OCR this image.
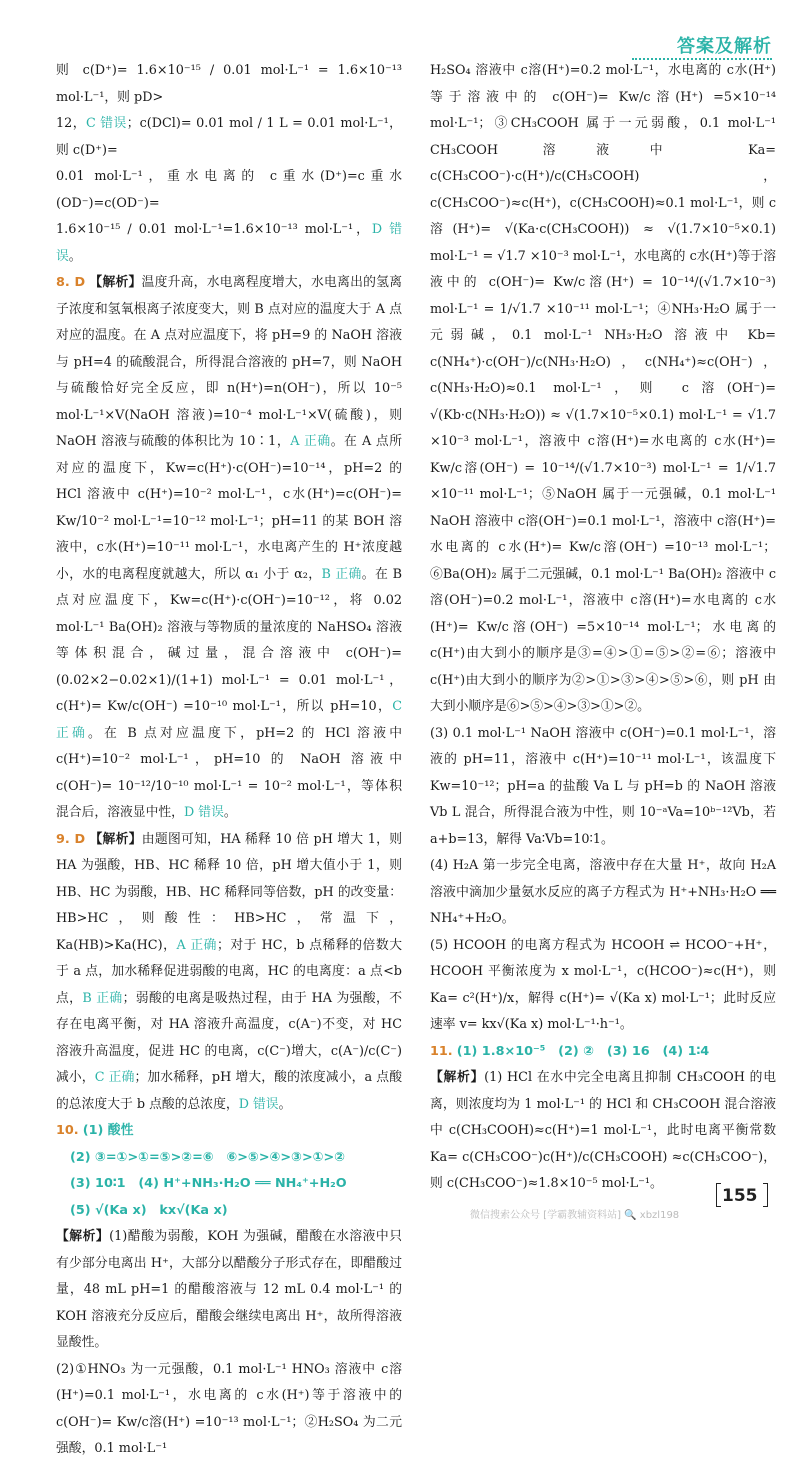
答案及解析

则 c(D⁺)= 1.6×10⁻¹⁵ / 0.01 mol·L⁻¹ = 1.6×10⁻¹³ mol·L⁻¹，则 pD>

12，C 错误；c(DCl)= 0.01 mol / 1 L = 0.01 mol·L⁻¹，则 c(D⁺)=

0.01 mol·L⁻¹，重水电离的 c重水(D⁺)=c重水(OD⁻)=c(OD⁻)=

1.6×10⁻¹⁵ / 0.01 mol·L⁻¹=1.6×10⁻¹³ mol·L⁻¹，D 错误。

8. D 【解析】温度升高，水电离程度增大，水电离出的氢离子浓度和氢氧根离子浓度变大，则 B 点对应的温度大于 A 点对应的温度。在 A 点对应温度下，将 pH=9 的 NaOH 溶液与 pH=4 的硫酸混合，所得混合溶液的 pH=7，则 NaOH 与硫酸恰好完全反应，即 n(H⁺)=n(OH⁻)，所以 10⁻⁵ mol·L⁻¹×V(NaOH 溶液)=10⁻⁴ mol·L⁻¹×V(硫酸)，则 NaOH 溶液与硫酸的体积比为 10∶1，A 正确。在 A 点所对应的温度下，Kw=c(H⁺)·c(OH⁻)=10⁻¹⁴，pH=2 的 HCl 溶液中 c(H⁺)=10⁻² mol·L⁻¹，c水(H⁺)=c(OH⁻)= Kw/10⁻² mol·L⁻¹=10⁻¹² mol·L⁻¹；pH=11 的某 BOH 溶液中，c水(H⁺)=10⁻¹¹ mol·L⁻¹，水电离产生的 H⁺浓度越小，水的电离程度就越大，所以 α₁ 小于 α₂，B 正确。在 B 点对应温度下，Kw=c(H⁺)·c(OH⁻)=10⁻¹²，将 0.02 mol·L⁻¹ Ba(OH)₂ 溶液与等物质的量浓度的 NaHSO₄ 溶液等体积混合，碱过量，混合溶液中 c(OH⁻)= (0.02×2−0.02×1)/(1+1) mol·L⁻¹ = 0.01 mol·L⁻¹，c(H⁺)= Kw/c(OH⁻) =10⁻¹⁰ mol·L⁻¹，所以 pH=10，C 正确。在 B 点对应温度下，pH=2 的 HCl 溶液中 c(H⁺)=10⁻² mol·L⁻¹，pH=10 的 NaOH 溶液中 c(OH⁻)= 10⁻¹²/10⁻¹⁰ mol·L⁻¹ = 10⁻² mol·L⁻¹，等体积混合后，溶液显中性，D 错误。

9. D 【解析】由题图可知，HA 稀释 10 倍 pH 增大 1，则 HA 为强酸，HB、HC 稀释 10 倍，pH 增大值小于 1，则 HB、HC 为弱酸，HB、HC 稀释同等倍数，pH 的改变量：HB>HC，则酸性：HB>HC，常温下，Ka(HB)>Ka(HC)，A 正确；对于 HC，b 点稀释的倍数大于 a 点，加水稀释促进弱酸的电离，HC 的电离度：a 点<b 点，B 正确；弱酸的电离是吸热过程，由于 HA 为强酸，不存在电离平衡，对 HA 溶液升高温度，c(A⁻)不变，对 HC 溶液升高温度，促进 HC 的电离，c(C⁻)增大，c(A⁻)/c(C⁻) 减小，C 正确；加水稀释，pH 增大，酸的浓度减小，a 点酸的总浓度大于 b 点酸的总浓度，D 错误。

10. (1) 酸性

(2) ③=①>①=⑤>②=⑥　⑥>⑤>④>③>①>②

(3) 10∶1　(4) H⁺+NH₃·H₂O ══ NH₄⁺+H₂O

(5) √(Ka x)　kx√(Ka x)

【解析】(1)醋酸为弱酸，KOH 为强碱，醋酸在水溶液中只有少部分电离出 H⁺，大部分以醋酸分子形式存在，即醋酸过量，48 mL pH=1 的醋酸溶液与 12 mL 0.4 mol·L⁻¹ 的 KOH 溶液充分反应后，醋酸会继续电离出 H⁺，故所得溶液显酸性。

(2)①HNO₃ 为一元强酸，0.1 mol·L⁻¹ HNO₃ 溶液中 c溶(H⁺)=0.1 mol·L⁻¹，水电离的 c水(H⁺)等于溶液中的 c(OH⁻)= Kw/c溶(H⁺) =10⁻¹³ mol·L⁻¹；②H₂SO₄ 为二元强酸，0.1 mol·L⁻¹

H₂SO₄ 溶液中 c溶(H⁺)=0.2 mol·L⁻¹，水电离的 c水(H⁺)等于溶液中的 c(OH⁻)= Kw/c溶(H⁺) =5×10⁻¹⁴ mol·L⁻¹；③CH₃COOH 属于一元弱酸，0.1 mol·L⁻¹ CH₃COOH 溶液中 Ka= c(CH₃COO⁻)·c(H⁺)/c(CH₃COOH)，c(CH₃COO⁻)≈c(H⁺)，c(CH₃COOH)≈0.1 mol·L⁻¹，则 c溶(H⁺)= √(Ka·c(CH₃COOH)) ≈ √(1.7×10⁻⁵×0.1) mol·L⁻¹ = √1.7 ×10⁻³ mol·L⁻¹，水电离的 c水(H⁺)等于溶液中的 c(OH⁻)= Kw/c溶(H⁺) = 10⁻¹⁴/(√1.7×10⁻³) mol·L⁻¹ = 1/√1.7 ×10⁻¹¹ mol·L⁻¹；④NH₃·H₂O 属于一元弱碱，0.1 mol·L⁻¹ NH₃·H₂O 溶液中 Kb= c(NH₄⁺)·c(OH⁻)/c(NH₃·H₂O)，c(NH₄⁺)≈c(OH⁻)，c(NH₃·H₂O)≈0.1 mol·L⁻¹，则 c溶(OH⁻)= √(Kb·c(NH₃·H₂O)) ≈ √(1.7×10⁻⁵×0.1) mol·L⁻¹ = √1.7 ×10⁻³ mol·L⁻¹，溶液中 c溶(H⁺)=水电离的 c水(H⁺)= Kw/c溶(OH⁻) = 10⁻¹⁴/(√1.7×10⁻³) mol·L⁻¹ = 1/√1.7 ×10⁻¹¹ mol·L⁻¹；⑤NaOH 属于一元强碱，0.1 mol·L⁻¹ NaOH 溶液中 c溶(OH⁻)=0.1 mol·L⁻¹，溶液中 c溶(H⁺)=水电离的 c水(H⁺)= Kw/c溶(OH⁻) =10⁻¹³ mol·L⁻¹；⑥Ba(OH)₂ 属于二元强碱，0.1 mol·L⁻¹ Ba(OH)₂ 溶液中 c溶(OH⁻)=0.2 mol·L⁻¹，溶液中 c溶(H⁺)=水电离的 c水(H⁺)= Kw/c溶(OH⁻) =5×10⁻¹⁴ mol·L⁻¹；水电离的 c(H⁺)由大到小的顺序是③=④>①=⑤>②=⑥；溶液中 c(H⁺)由大到小的顺序为②>①>③>④>⑤>⑥，则 pH 由大到小顺序是⑥>⑤>④>③>①>②。

(3) 0.1 mol·L⁻¹ NaOH 溶液中 c(OH⁻)=0.1 mol·L⁻¹，溶液的 pH=11，溶液中 c(H⁺)=10⁻¹¹ mol·L⁻¹，该温度下 Kw=10⁻¹²；pH=a 的盐酸 Va L 与 pH=b 的 NaOH 溶液 Vb L 混合，所得混合液为中性，则 10⁻ᵃVa=10ᵇ⁻¹²Vb，若 a+b=13，解得 Va∶Vb=10∶1。

(4) H₂A 第一步完全电离，溶液中存在大量 H⁺，故向 H₂A 溶液中滴加少量氨水反应的离子方程式为 H⁺+NH₃·H₂O ══ NH₄⁺+H₂O。

(5) HCOOH 的电离方程式为 HCOOH ⇌ HCOO⁻+H⁺，HCOOH 平衡浓度为 x mol·L⁻¹，c(HCOO⁻)≈c(H⁺)，则 Ka= c²(H⁺)/x，解得 c(H⁺)= √(Ka x) mol·L⁻¹；此时反应速率 v= kx√(Ka x) mol·L⁻¹·h⁻¹。

11. (1) 1.8×10⁻⁵　(2) ②　(3) 16　(4) 1∶4

【解析】(1) HCl 在水中完全电离且抑制 CH₃COOH 的电离，则浓度均为 1 mol·L⁻¹ 的 HCl 和 CH₃COOH 混合溶液中 c(CH₃COOH)≈c(H⁺)=1 mol·L⁻¹，此时电离平衡常数 Ka= c(CH₃COO⁻)c(H⁺)/c(CH₃COOH) ≈c(CH₃COO⁻)，则 c(CH₃COO⁻)≈1.8×10⁻⁵ mol·L⁻¹。

155
微信搜索公众号 [学霸教辅资料站] 🔍 xbzl198
